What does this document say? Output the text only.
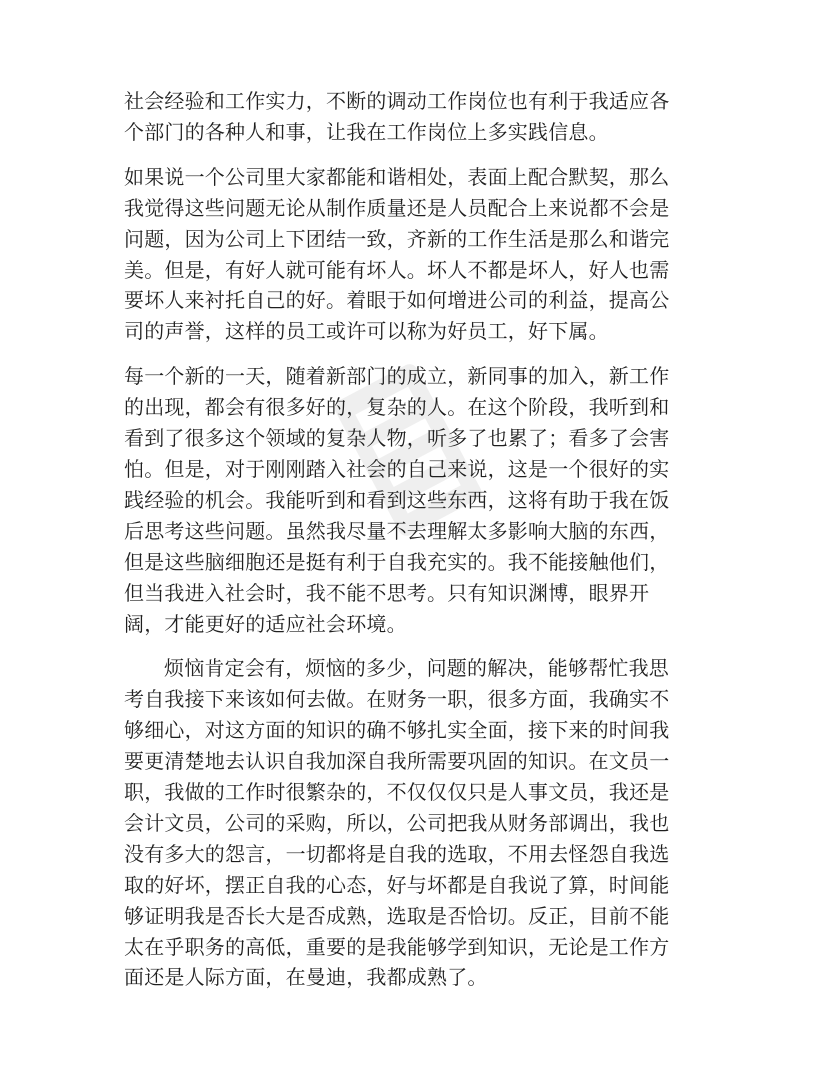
社会经验和工作实力，不断的调动工作岗位也有利于我适应各
个部门的各种人和事，让我在工作岗位上多实践信息。

如果说一个公司里大家都能和谐相处，表面上配合默契，那么
我觉得这些问题无论从制作质量还是人员配合上来说都不会是
问题，因为公司上下团结一致，齐新的工作生活是那么和谐完
美。但是，有好人就可能有坏人。坏人不都是坏人，好人也需
要坏人来衬托自己的好。着眼于如何增进公司的利益，提高公
司的声誉，这样的员工或许可以称为好员工，好下属。

每一个新的一天，随着新部门的成立，新同事的加入，新工作
的出现，都会有很多好的，复杂的人。在这个阶段，我听到和
看到了很多这个领域的复杂人物，听多了也累了；看多了会害
怕。但是，对于刚刚踏入社会的自己来说，这是一个很好的实
践经验的机会。我能听到和看到这些东西，这将有助于我在饭
后思考这些问题。虽然我尽量不去理解太多影响大脑的东西，
但是这些脑细胞还是挺有利于自我充实的。我不能接触他们，
但当我进入社会时，我不能不思考。只有知识渊博，眼界开
阔，才能更好的适应社会环境。

烦恼肯定会有，烦恼的多少，问题的解决，能够帮忙我思
考自我接下来该如何去做。在财务一职，很多方面，我确实不
够细心，对这方面的知识的确不够扎实全面，接下来的时间我
要更清楚地去认识自我加深自我所需要巩固的知识。在文员一
职，我做的工作时很繁杂的，不仅仅仅只是人事文员，我还是
会计文员，公司的采购，所以，公司把我从财务部调出，我也
没有多大的怨言，一切都将是自我的选取，不用去怪怨自我选
取的好坏，摆正自我的心态，好与坏都是自我说了算，时间能
够证明我是否长大是否成熟，选取是否恰切。反正，目前不能
太在乎职务的高低，重要的是我能够学到知识，无论是工作方
面还是人际方面，在曼迪，我都成熟了。
